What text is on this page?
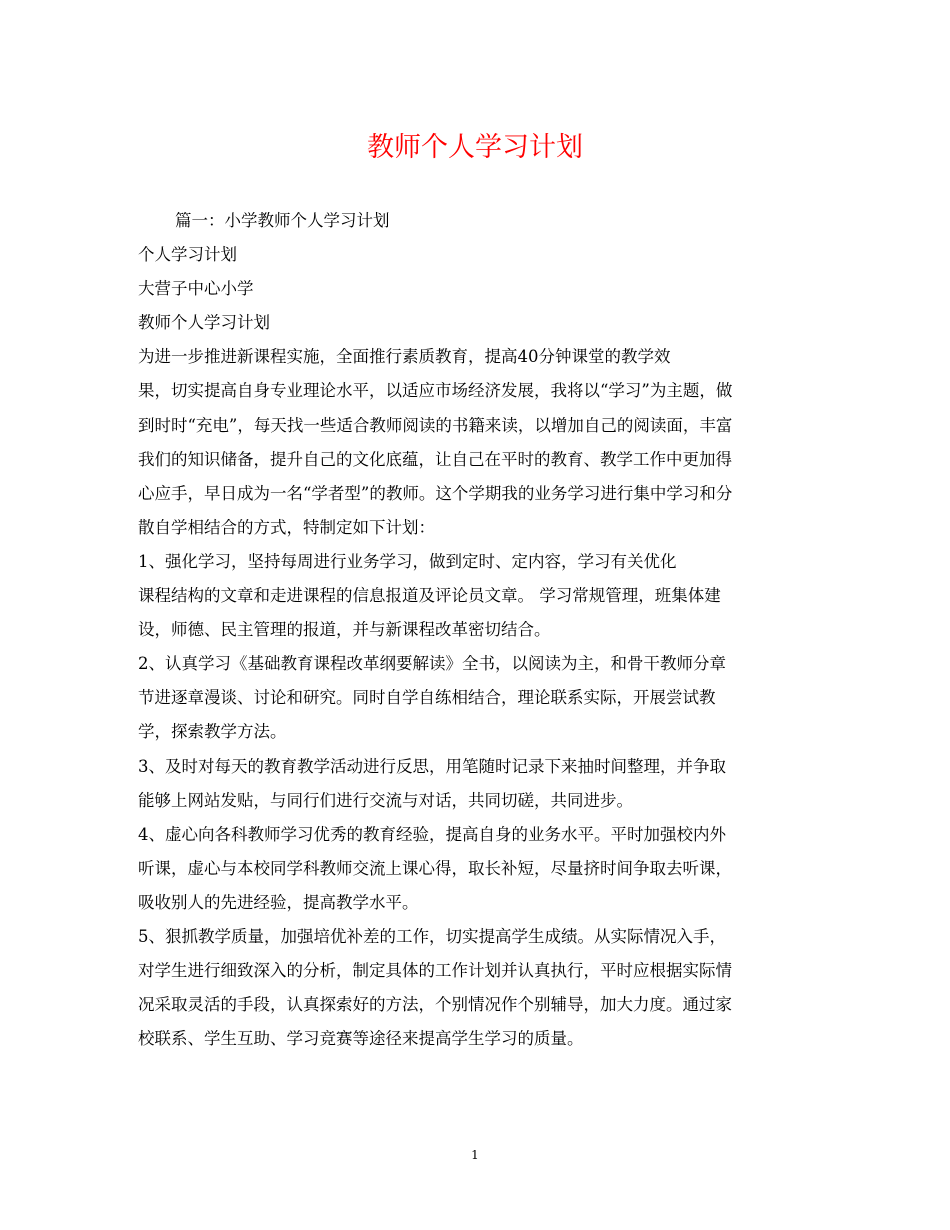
教师个人学习计划
篇一：小学教师个人学习计划
个人学习计划
大营子中心小学
教师个人学习计划
为进一步推进新课程实施，全面推行素质教育，提高40分钟课堂的教学效
果，切实提高自身专业理论水平，以适应市场经济发展，我将以“学习”为主题，做
到时时“充电”，每天找一些适合教师阅读的书籍来读，以增加自己的阅读面，丰富
我们的知识储备，提升自己的文化底蕴，让自己在平时的教育、教学工作中更加得
心应手，早日成为一名“学者型”的教师。这个学期我的业务学习进行集中学习和分
散自学相结合的方式，特制定如下计划：
1、强化学习，坚持每周进行业务学习，做到定时、定内容，学习有关优化
课程结构的文章和走进课程的信息报道及评论员文章。 学习常规管理，班集体建
设，师德、民主管理的报道，并与新课程改革密切结合。
2、认真学习《基础教育课程改革纲要解读》全书，以阅读为主，和骨干教师分章
节进逐章漫谈、讨论和研究。同时自学自练相结合，理论联系实际，开展尝试教
学，探索教学方法。
3、及时对每天的教育教学活动进行反思，用笔随时记录下来抽时间整理，并争取
能够上网站发贴，与同行们进行交流与对话，共同切磋，共同进步。
4、虚心向各科教师学习优秀的教育经验，提高自身的业务水平。平时加强校内外
听课，虚心与本校同学科教师交流上课心得，取长补短，尽量挤时间争取去听课，
吸收别人的先进经验，提高教学水平。
5、狠抓教学质量，加强培优补差的工作，切实提高学生成绩。从实际情况入手，
对学生进行细致深入的分析，制定具体的工作计划并认真执行，平时应根据实际情
况采取灵活的手段，认真探索好的方法，个别情况作个别辅导，加大力度。通过家
校联系、学生互助、学习竞赛等途径来提高学生学习的质量。
1
